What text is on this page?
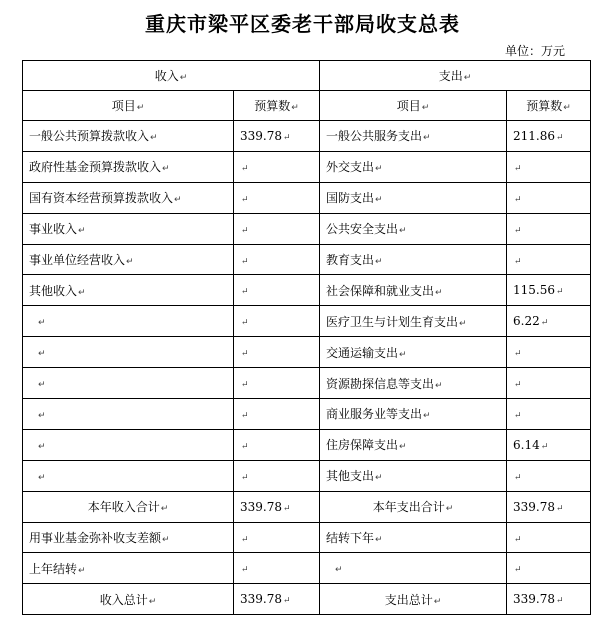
重庆市梁平区委老干部局收支总表
单位：万元
收入↵		支出↵	
项目↵	预算数↵	项目↵	预算数↵
一般公共预算拨款收入↵	339.78↵	一般公共服务支出↵	211.86↵
政府性基金预算拨款收入↵	↵	外交支出↵	↵
国有资本经营预算拨款收入↵	↵	国防支出↵	↵
事业收入↵	↵	公共安全支出↵	↵
事业单位经营收入↵	↵	教育支出↵	↵
其他收入↵	↵	社会保障和就业支出↵	115.56↵
↵	↵	医疗卫生与计划生育支出↵	6.22↵
↵	↵	交通运输支出↵	↵
↵	↵	资源勘探信息等支出↵	↵
↵	↵	商业服务业等支出↵	↵
↵	↵	住房保障支出↵	6.14↵
↵	↵	其他支出↵	↵
本年收入合计↵	339.78↵	本年支出合计↵	339.78↵
用事业基金弥补收支差额↵	↵	结转下年↵	↵
上年结转↵	↵	↵	↵
收入总计↵	339.78↵	支出总计↵	339.78↵
